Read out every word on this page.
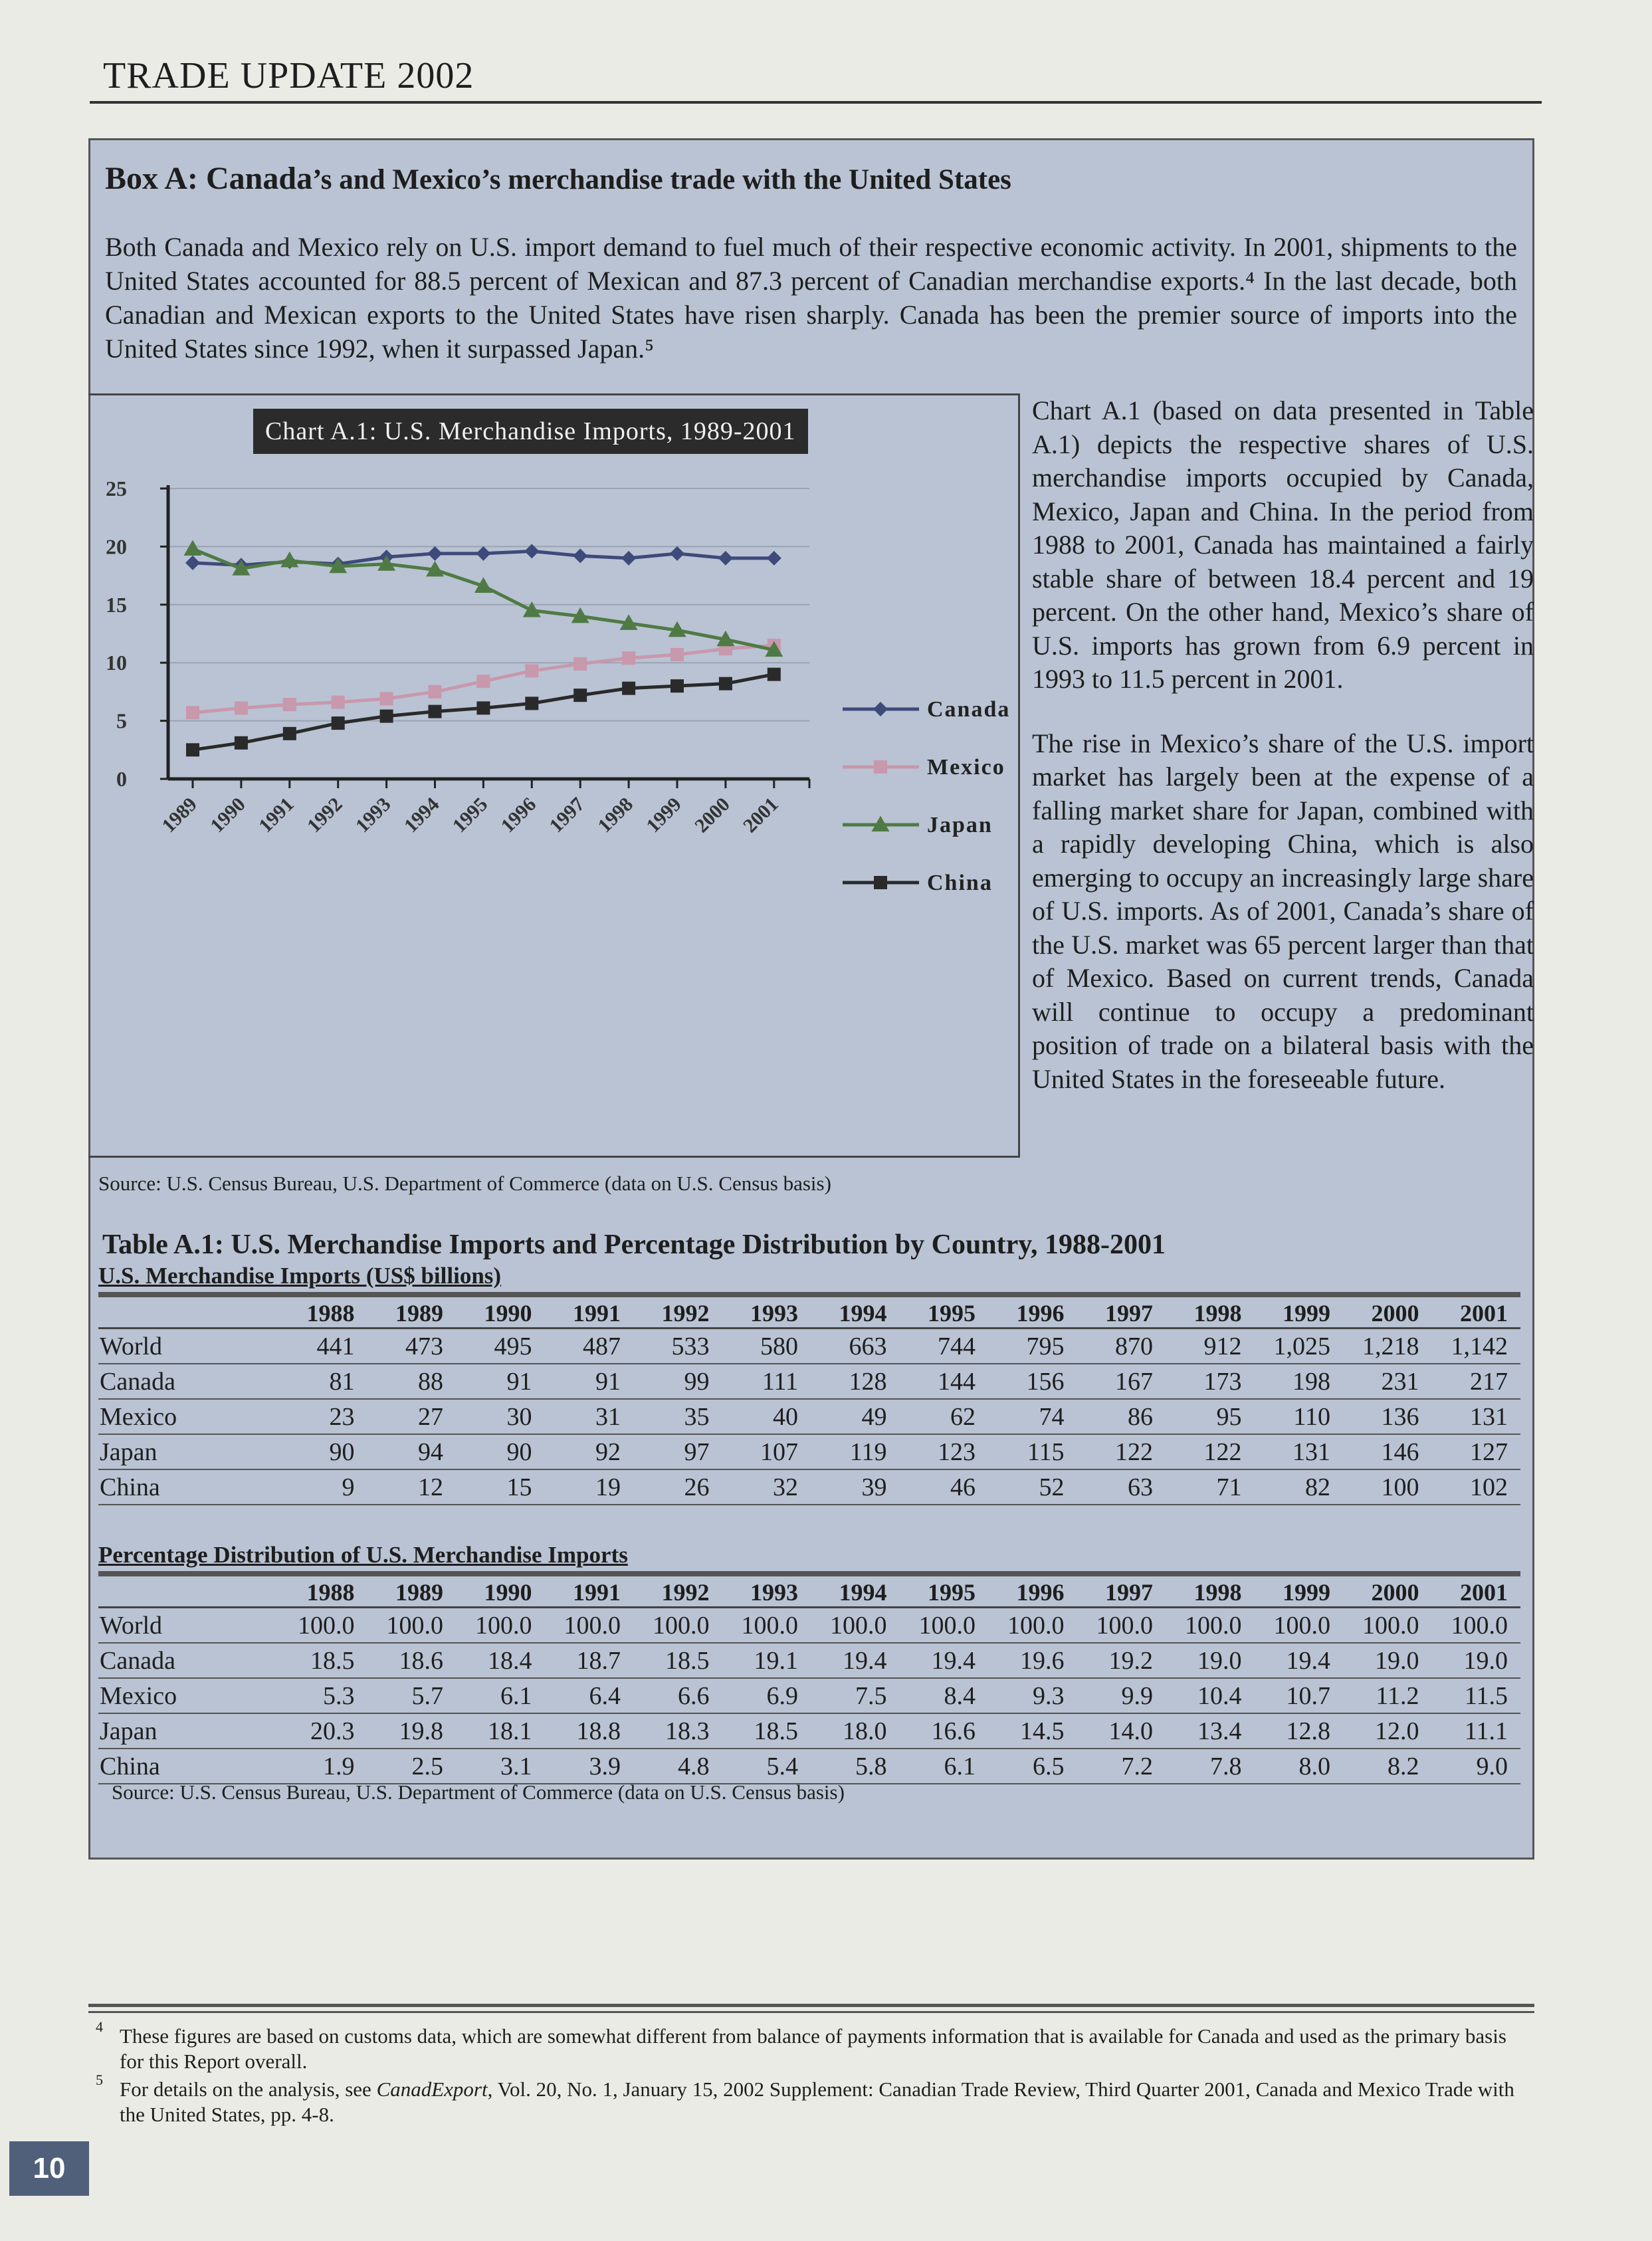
TRADE UPDATE 2002
Box A: Canada’s and Mexico’s merchandise trade with the United States
Both Canada and Mexico rely on U.S. import demand to fuel much of their respective economic activity. In 2001, shipments to the United States accounted for 88.5 percent of Mexican and 87.3 percent of Canadian merchandise exports.⁴ In the last decade, both Canadian and Mexican exports to the United States have risen sharply. Canada has been the premier source of imports into the United States since 1992, when it surpassed Japan.⁵
0
5
10
15
20
25
1989 1990 1991 1992 1993 1994 1995 1996 1997 1998 1999 2000 2001
Canada
Mexico
Japan
China
Chart A.1: U.S. Merchandise Imports, 1989-2001
Source: U.S. Census Bureau, U.S. Department of Commerce (data on U.S. Census basis)

Chart A.1 (based on data presented in Table A.1) depicts the respective shares of U.S. merchandise imports occupied by Canada, Mexico, Japan and China. In the period from 1988 to 2001, Canada has maintained a fairly stable share of between 18.4 percent and 19 percent. On the other hand, Mexico’s share of U.S. imports has grown from 6.9 percent in 1993 to 11.5 percent in 2001.

The rise in Mexico’s share of the U.S. import market has largely been at the expense of a falling market share for Japan, combined with a rapidly developing China, which is also emerging to occupy an increasingly large share of U.S. imports. As of 2001, Canada’s share of the U.S. market was 65 percent larger than that of Mexico. Based on current trends, Canada will continue to occupy a predominant position of trade on a bilateral basis with the United States in the foreseeable future.

Table A.1: U.S. Merchandise Imports and Percentage Distribution by Country, 1988-2001
U.S. Merchandise Imports (US$ billions)
1988	1989	1990	1991	1992	1993	1994	1995	1996	1997	1998	1999	2000	2001
World	441	473	495	487	533	580	663	744	795	870	912	1,025	1,218	1,142
Canada	81	88	91	91	99	111	128	144	156	167	173	198	231	217
Mexico	23	27	30	31	35	40	49	62	74	86	95	110	136	131
Japan	90	94	90	92	97	107	119	123	115	122	122	131	146	127
China	9	12	15	19	26	32	39	46	52	63	71	82	100	102
Percentage Distribution of U.S. Merchandise Imports
1988	1989	1990	1991	1992	1993	1994	1995	1996	1997	1998	1999	2000	2001
World	100.0	100.0	100.0	100.0	100.0	100.0	100.0	100.0	100.0	100.0	100.0	100.0	100.0	100.0
Canada	18.5	18.6	18.4	18.7	18.5	19.1	19.4	19.4	19.6	19.2	19.0	19.4	19.0	19.0
Mexico	5.3	5.7	6.1	6.4	6.6	6.9	7.5	8.4	9.3	9.9	10.4	10.7	11.2	11.5
Japan	20.3	19.8	18.1	18.8	18.3	18.5	18.0	16.6	14.5	14.0	13.4	12.8	12.0	11.1
China	1.9	2.5	3.1	3.9	4.8	5.4	5.8	6.1	6.5	7.2	7.8	8.0	8.2	9.0
Source: U.S. Census Bureau, U.S. Department of Commerce (data on U.S. Census basis)
4 These figures are based on customs data, which are somewhat different from balance of payments information that is available for Canada and used as the primary basis for this Report overall.
5 For details on the analysis, see CanadExport, Vol. 20, No. 1, January 15, 2002 Supplement: Canadian Trade Review, Third Quarter 2001, Canada and Mexico Trade with the United States, pp. 4-8.
10
